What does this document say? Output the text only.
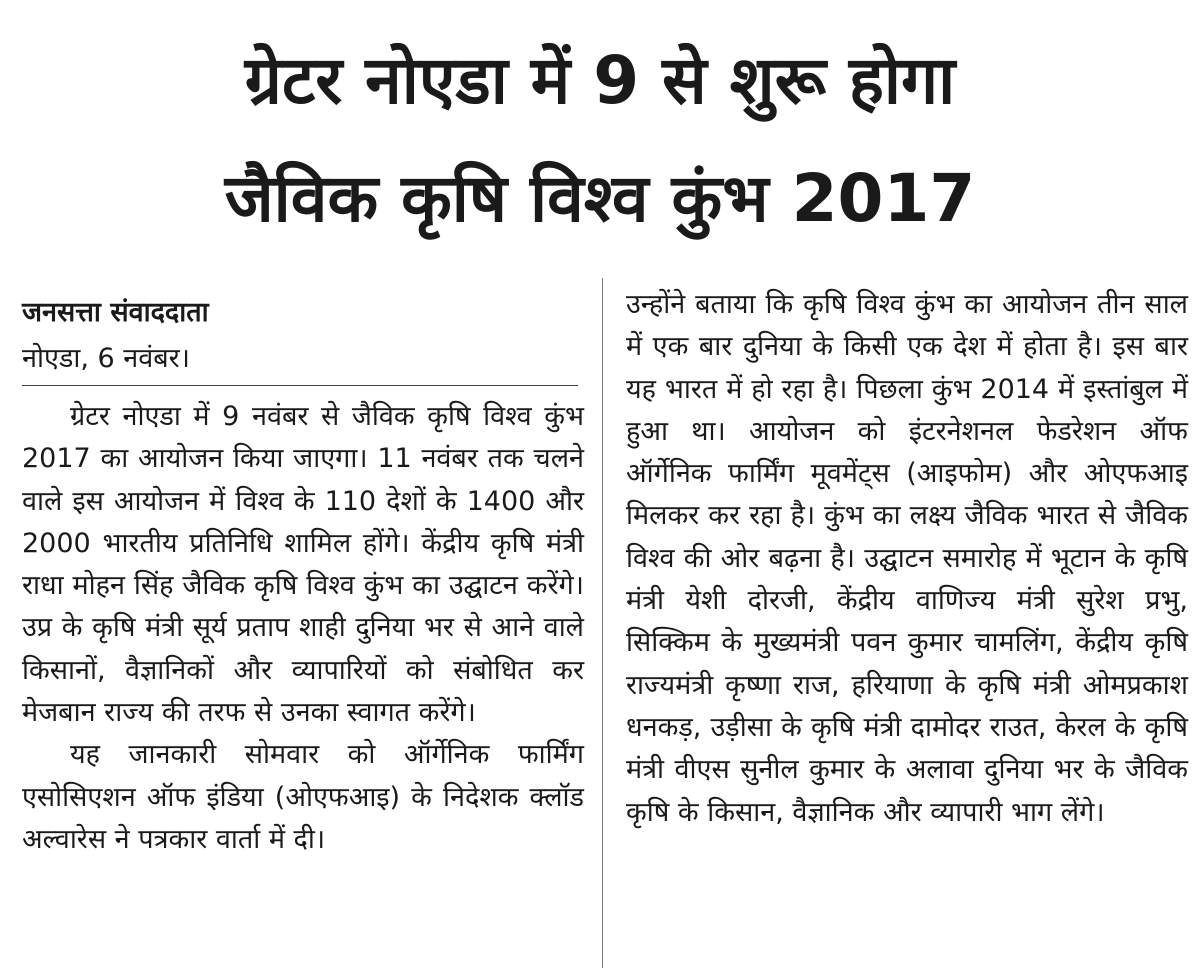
ग्रेटर नोएडा में 9 से शुरू होगा
जैविक कृषि विश्व कुंभ 2017
जनसत्ता संवाददाता
नोएडा, 6 नवंबर।

ग्रेटर नोएडा में 9 नवंबर से जैविक कृषि विश्व कुंभ 2017 का आयोजन किया जाएगा। 11 नवंबर तक चलने वाले इस आयोजन में विश्व के 110 देशों के 1400 और 2000 भारतीय प्रतिनिधि शामिल होंगे। केंद्रीय कृषि मंत्री राधा मोहन सिंह जैविक कृषि विश्व कुंभ का उद्घाटन करेंगे। उप्र के कृषि मंत्री सूर्य प्रताप शाही दुनिया भर से आने वाले किसानों, वैज्ञानिकों और व्यापारियों को संबोधित कर मेजबान राज्य की तरफ से उनका स्वागत करेंगे।

यह जानकारी सोमवार को ऑर्गेनिक फार्मिंग एसोसिएशन ऑफ इंडिया (ओएफआइ) के निदेशक क्लॉड अल्वारेस ने पत्रकार वार्ता में दी।

उन्होंने बताया कि कृषि विश्व कुंभ का आयोजन तीन साल में एक बार दुनिया के किसी एक देश में होता है। इस बार यह भारत में हो रहा है। पिछला कुंभ 2014 में इस्तांबुल में हुआ था। आयोजन को इंटरनेशनल फेडरेशन ऑफ ऑर्गेनिक फार्मिंग मूवमेंट्स (आइफोम) और ओएफआइ मिलकर कर रहा है। कुंभ का लक्ष्य जैविक भारत से जैविक विश्व की ओर बढ़ना है। उद्घाटन समारोह में भूटान के कृषि मंत्री येशी दोरजी, केंद्रीय वाणिज्य मंत्री सुरेश प्रभु, सिक्किम के मुख्यमंत्री पवन कुमार चामलिंग, केंद्रीय कृषि राज्यमंत्री कृष्णा राज, हरियाणा के कृषि मंत्री ओमप्रकाश धनकड़, उड़ीसा के कृषि मंत्री दामोदर राउत, केरल के कृषि मंत्री वीएस सुनील कुमार के अलावा दुनिया भर के जैविक कृषि के किसान, वैज्ञानिक और व्यापारी भाग लेंगे।
